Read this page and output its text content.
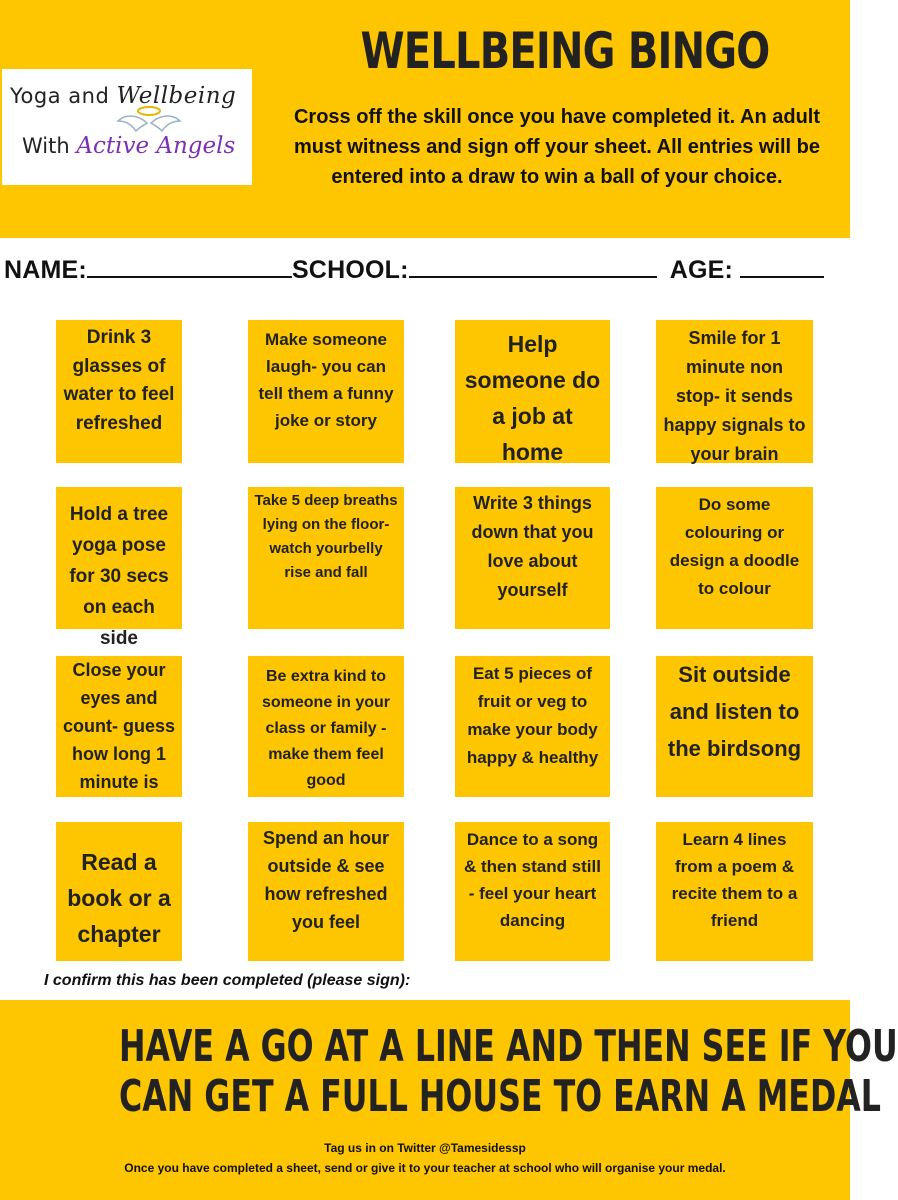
Yoga and Wellbeing
With Active Angels
WELLBEING BINGO
Cross off the skill once you have completed it. An adult must witness and sign off your sheet. All entries will be entered into a draw to win a ball of your choice.
NAME:	SCHOOL:	AGE:
Drink 3 glasses of water to feel refreshed
Make someone laugh- you can tell them a funny joke or story
Help someone do a job at home
Smile for 1 minute non stop- it sends happy signals to your brain
Hold a tree yoga pose for 30 secs on each side
Take 5 deep breaths lying on the floor- watch yourbelly rise and fall
Write 3 things down that you love about yourself
Do some colouring or design a doodle to colour
Close your eyes and count- guess how long 1 minute is
Be extra kind to someone in your class or family - make them feel good
Eat 5 pieces of fruit or veg to make your body happy & healthy
Sit outside and listen to the birdsong
Read a book or a chapter
Spend an hour outside & see how refreshed you feel
Dance to a song & then stand still - feel your heart dancing
Learn 4 lines from a poem & recite them to a friend
I confirm this has been completed (please sign):
HAVE A GO AT A LINE AND THEN SEE IF YOU
CAN GET A FULL HOUSE TO EARN A MEDAL
Tag us in on Twitter @Tamesidessp
Once you have completed a sheet, send or give it to your teacher at school who will organise your medal.
